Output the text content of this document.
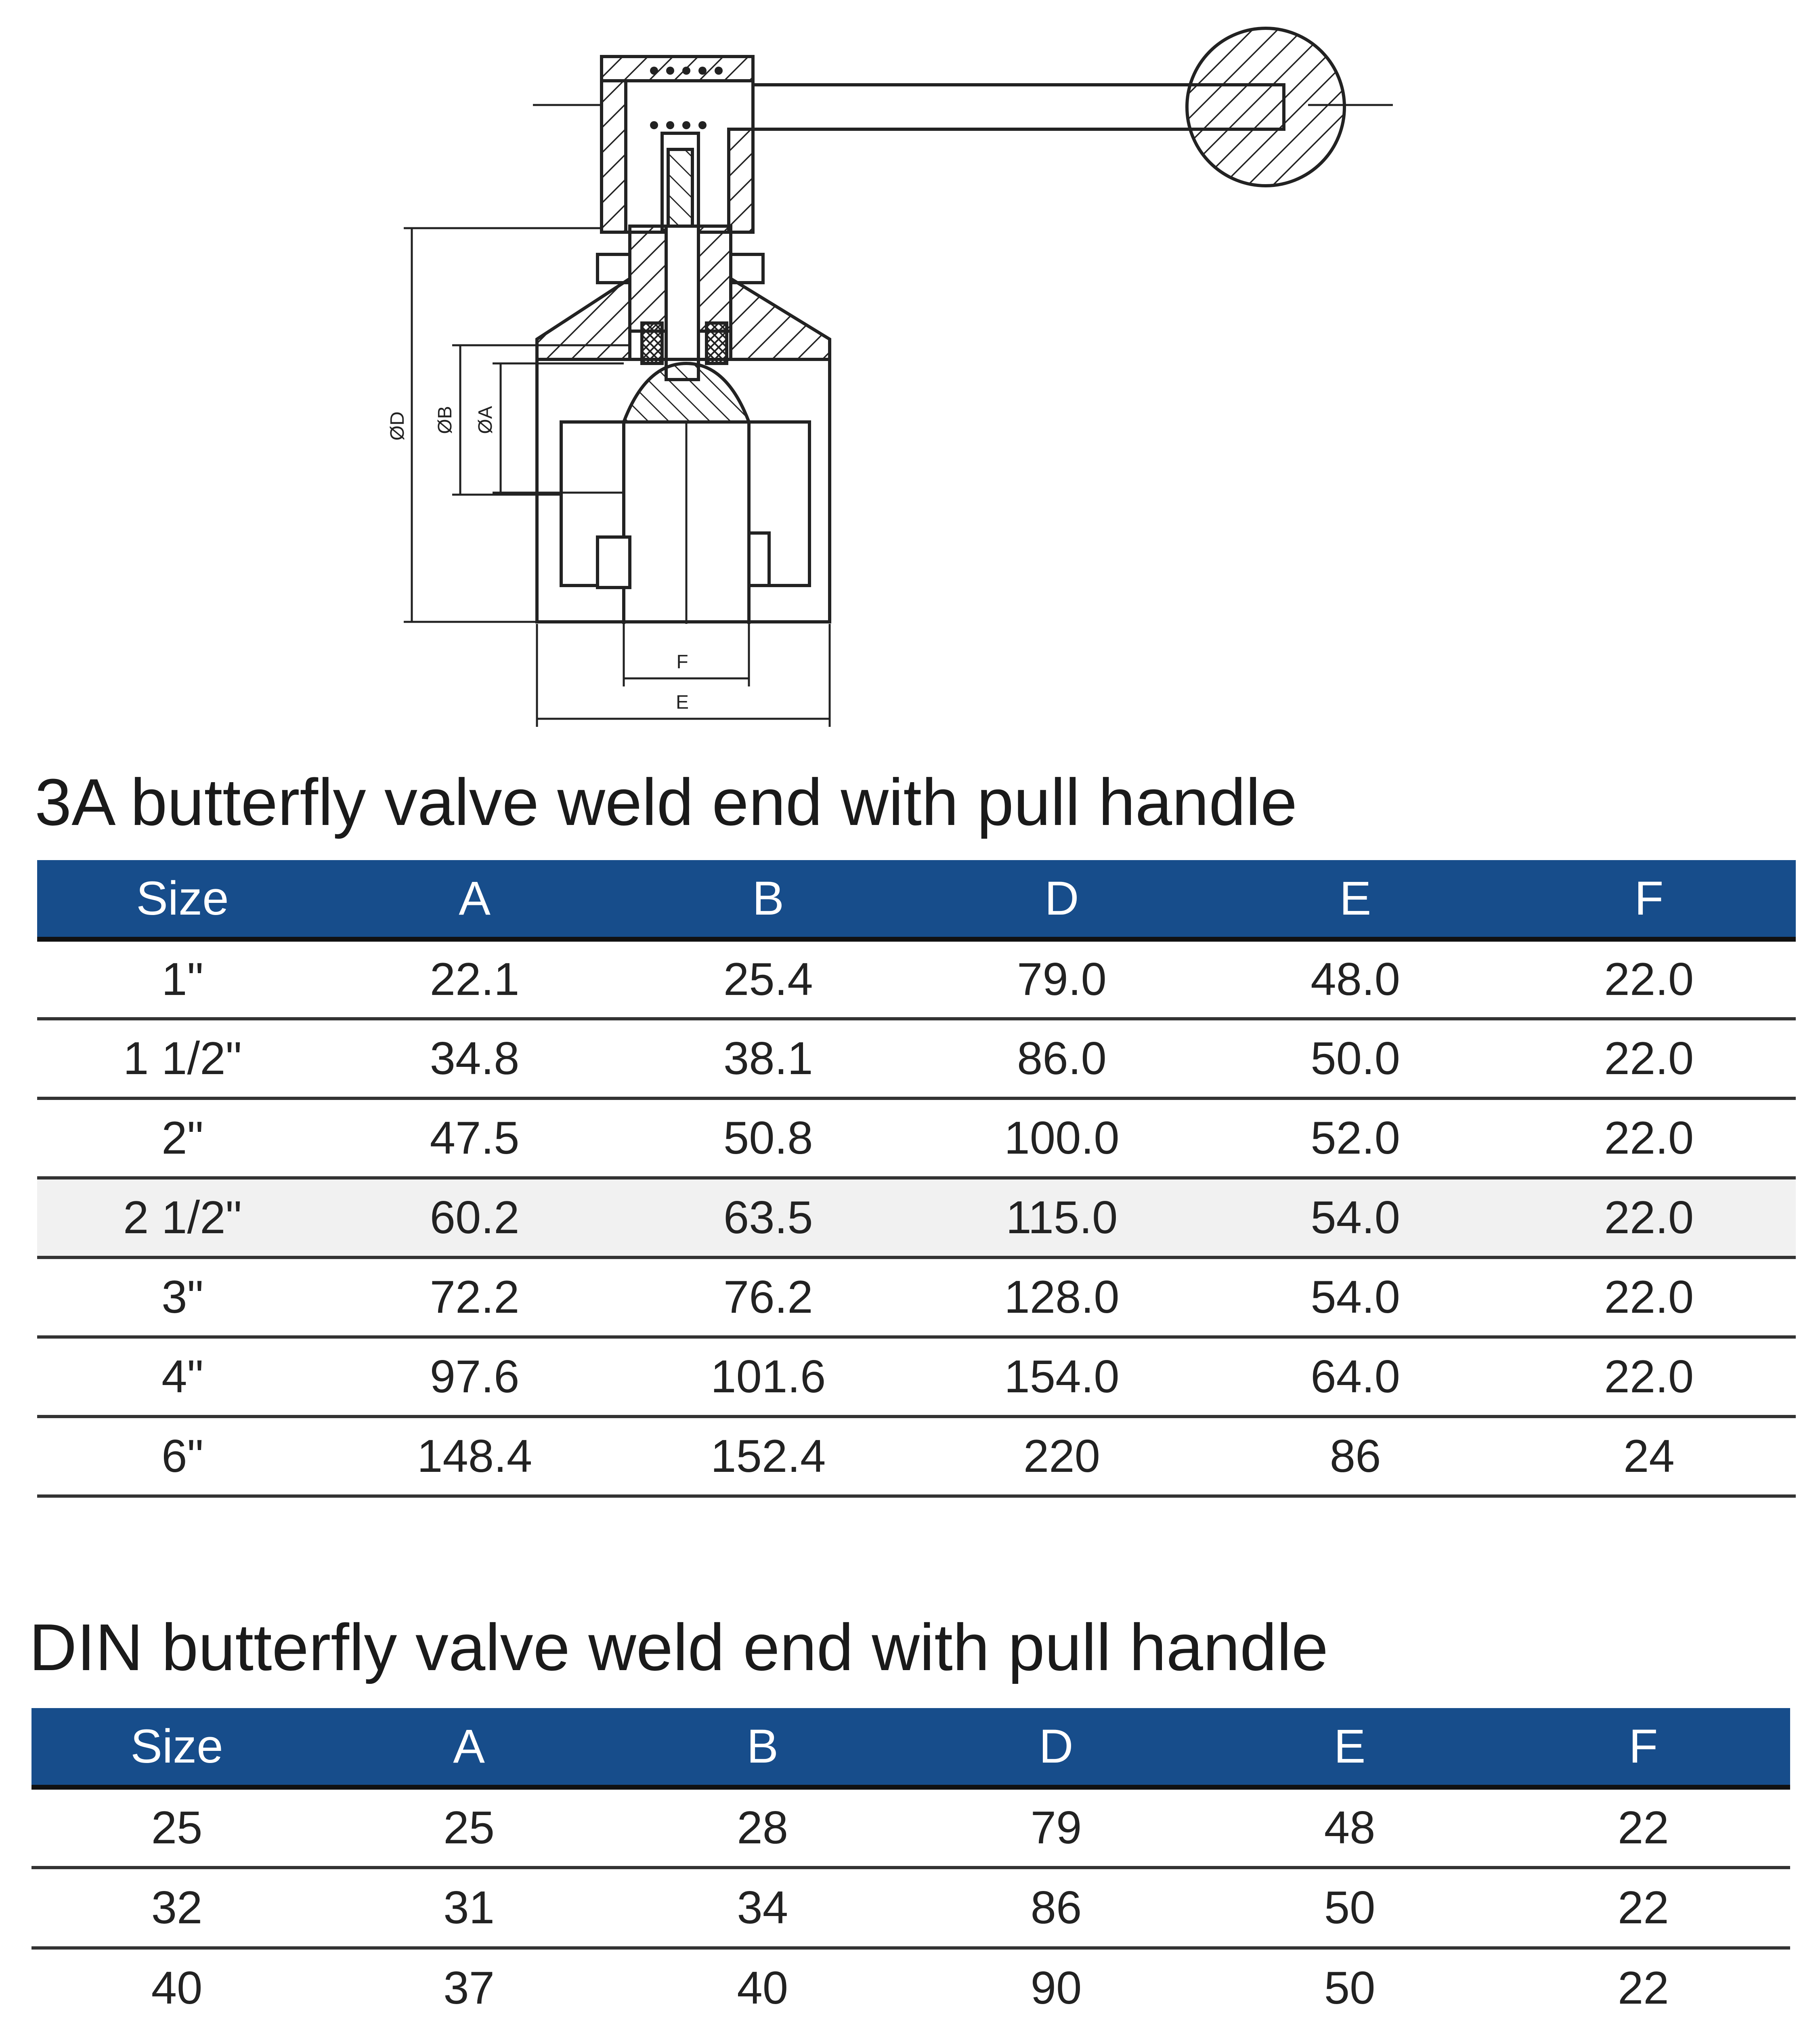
ØD ØB ØA
F
E
3A butterfly valve weld end with pull handle
Size	A	B	D	E	F
1"	22.1	25.4	79.0	48.0	22.0
1 1/2"	34.8	38.1	86.0	50.0	22.0
2"	47.5	50.8	100.0	52.0	22.0
2 1/2"	60.2	63.5	115.0	54.0	22.0
3"	72.2	76.2	128.0	54.0	22.0
4"	97.6	101.6	154.0	64.0	22.0
6"	148.4	152.4	220	86	24
DIN butterfly valve weld end with pull handle
Size	A	B	D	E	F
25	25	28	79	48	22
32	31	34	86	50	22
40	37	40	90	50	22
